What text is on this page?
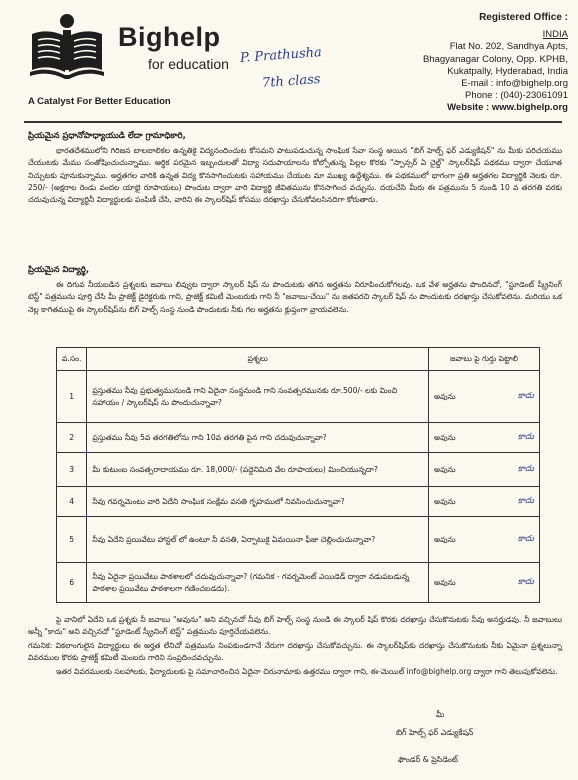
Bighelp
for education
A Catalyst For Better Education
P. Prathusha
7th class
Registered Office :
INDIA
Flat No. 202, Sandhya Apts,
Bhagyanagar Colony, Opp. KPHB,
Kukatpally, Hyderabad, India
E-mail : info@bighelp.org
Phone : (040)-23061091
Website : www.bighelp.org
ప్రియమైన ప్రధానోపాధ్యాయుడి లేదా గ్రామాధికారి,
భారతదేశములోని గిరిజన బాలబాలికల ఉన్నతికై విద్యనందించుట కోసమని పాటుపడుచున్న సాంఘిక సేవా సంస్థ అయిన "బిగ్ హెల్ప్ ఫర్ ఎడ్యుకేషన్" ను మీకు పరిచయము చేయుటకు మేము సంతోషించుచున్నాము. ఆర్థిక పరమైన ఇబ్బందులతో విద్యా సదుపాయాలను కోల్పోతున్న పిల్లల కొరకు "స్పాన్సర్ ఏ చైల్డ్" స్కాలర్‌షిప్ పథకము ద్వారా చేయూత నిచ్చుటకు పూనుకున్నాము. అర్హతగల వారికి ఉన్నత విద్య కొనసాగించుటకు సహాయము చేయుట మా ముఖ్య ఉద్దేశ్యము. ఈ పథకములో భాగంగా ప్రతి అర్హతగల విద్యార్థికి నెలకు రూ. 250/- (అక్షరాల రెండు వందల యాభై రూపాయలు) పొందుట ద్వారా వారి విద్యార్థి జీవితమును కొనసాగించ వచ్చును. దయచేసి మీరు ఈ పత్రమును 5 నుండి 10 వ తరగతి వరకు చదువుచున్న విద్యార్థినీ విద్యార్థులకు పంపిణీ చేసి, వారిని ఈ స్కాలర్‌షిప్ కోసము దరఖాస్తు చేసుకోవలసినదిగా కోరుతారు.
ప్రియమైన విద్యార్థి,
ఈ దిగువ నీయబడిన ప్రశ్నలకు జవాబు లివ్వుట ద్వారా స్కాలర్ షిప్ ను పొందుటకు తగిన అర్హతను నిరూపించుకోగలవు. ఒక వేళ అర్హతను పొందినచో, "స్టూడెంట్ స్క్రీనింగ్ టెస్ట్" పత్రమును పూర్తి చేసి మీ ప్రాజెక్ట్ డైరెక్టరుకు గాని, ప్రాజెక్ట్ కమిటీ మెంబరుకు గాని నీ "జవాబు-చేయి" ను జతపరచి స్కాలర్ షిప్ ను పొందుటకు దరఖాస్తు చేసుకోవలెను. మరియు ఒక నెల్ల కాగితముపై ఈ స్కాలర్‌షిప్‌ను బిగ్ హెల్ప్ సంస్థ నుండి పొందుటకు నీకు గల అర్హతను క్లుప్తంగా వ్రాయవలెను.
వ.సం.	ప్రశ్నలు	జవాబు పై గుర్తు పెట్టాలి
1	ప్రస్తుతము నీవు ప్రభుత్వమునుండి గాని ఏదైనా సంస్థనుండి గాని సంవత్సరమునకు రూ.500/- లకు మించి సహాయం / స్కాలర్‌షిప్ ను పొందుచున్నావా?	అవును కాదు

2	ప్రస్తుతము నీవు 5వ తరగతిలోను గాని 10వ తరగతి పైన గాని చదువుచున్నావా?	అవును కాదు

3	మీ కుటుంబ సంవత్సరాదాయము రూ. 18,000/- (పద్దెనిమిది వేల రూపాయలు) మించియున్నదా?	అవును కాదు

4	నీవు గవర్నమెంటు వారి ఏదేని సాంఘిక సంక్షేమ వసతి గృహములో నివసించుచున్నావా?	అవును కాదు

5	నీవు ఏదేని ప్రయివేటు హాస్టల్ లో ఉంటూ నీ వసతి, ఏర్పాటుకై ఏమయినా ఫీజు చెల్లించుచున్నావా?	అవును కాదు

6	నీవు ఏదైనా ప్రయివేటు పాఠశాలలో చదువుచున్నావా? (గమనిక - గవర్నమెంట్ ఎయిడెడ్ ద్వారా నడుపబడున్న పాఠశాల ప్రయివేటు పాఠశాలగా గణించబడదు).	అవును కాదు
పై వానిలో ఏదేని ఒక ప్రశ్నకు నీ జవాబు "అవును" అని వచ్చినచో నీవు బిగ్ హెల్ప్ సంస్థ నుండి ఈ స్కాలర్ షిప్ కొరకు దరఖాస్తు చేసుకొనుటకు నీవు అనర్హుడవు. నీ జవాబులు అన్నీ "కాదు" అని వచ్చినచో "స్టూడెంట్ స్క్రీనింగ్ టెస్ట్" పత్రమును పూర్తిచేయవలెను.
గమనిక: వికలాంగులైన విద్యార్థులు ఈ అర్హత లేనిచో పత్రమును నింపకుండగానే నేరుగా దరఖాస్తు చేసుకోవచ్చును. ఈ స్కాలర్‌షిప్‌కు దరఖాస్తు చేసుకొనుటకు నీకు ఏమైనా ప్రశ్నలున్నా వివరముల కొరకు ప్రాజెక్ట్ కమిటీ మెంబరు గారిని సంప్రదించవచ్చును.
ఇతర వివరములకు సలహాలకు, ఫిర్యాదులకు పై సమాచారించిన ఏదైనా చిరునామాకు ఉత్తరము ద్వారా గాని, ఈ-మెయిల్ info@bighelp.org ద్వారా గాని తెలుపుకోవలెను.
మీ
బిగ్ హెల్ప్ ఫర్ ఎడ్యుకేషన్
ఫౌండర్ & ప్రెసిడెంట్
